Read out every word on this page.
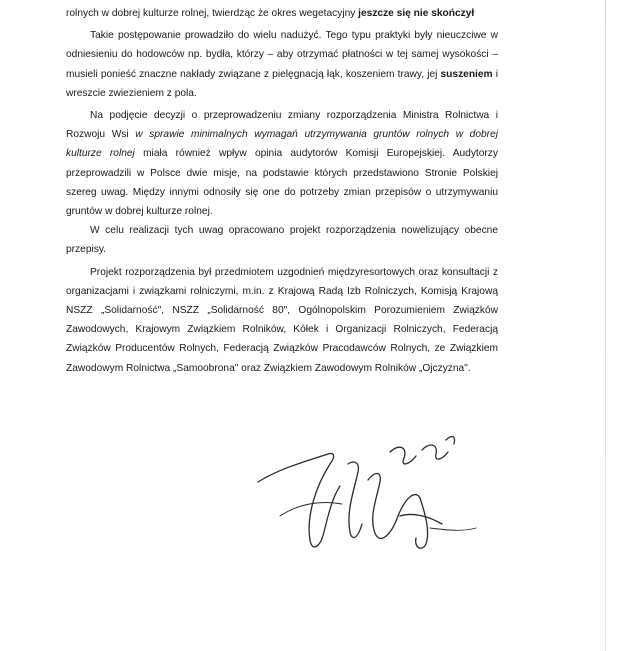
rolnych w dobrej kulturze rolnej, twierdząc że okres wegetacyjny jeszcze się nie skończył

Takie postępowanie prowadziło do wielu nadużyć. Tego typu praktyki były nieuczciwe w odniesieniu do hodowców np. bydła, którzy – aby otrzymać płatności w tej samej wysokości – musieli ponieść znaczne nakłady związane z pielęgnacją łąk, koszeniem trawy, jej suszeniem i wreszcie zwiezieniem z pola.

Na podjęcie decyzji o przeprowadzeniu zmiany rozporządzenia Ministra Rolnictwa i Rozwoju Wsi w sprawie minimalnych wymagań utrzymywania gruntów rolnych w dobrej kulturze rolnej miała również wpływ opinia audytorów Komisji Europejskiej. Audytorzy przeprowadzili w Polsce dwie misje, na podstawie których przedstawiono Stronie Polskiej szereg uwag. Między innymi odnosiły się one do potrzeby zmian przepisów o utrzymywaniu gruntów w dobrej kulturze rolnej.

W celu realizacji tych uwag opracowano projekt rozporządzenia nowelizujący obecne przepisy.

Projekt rozporządzenia był przedmiotem uzgodnień międzyresortowych oraz konsultacji z organizacjami i związkami rolniczymi, m.in. z Krajową Radą Izb Rolniczych, Komisją Krajową NSZZ „Solidarność", NSZZ „Solidarność 80", Ogólnopolskim Porozumieniem Związków Zawodowych, Krajowym Związkiem Rolników, Kółek i Organizacji Rolniczych, Federacją Związków Producentów Rolnych, Federacją Związków Pracodawców Rolnych, ze Związkiem Zawodowym Rolnictwa „Samoobrona" oraz Związkiem Zawodowym Rolników „Ojczyzna".
